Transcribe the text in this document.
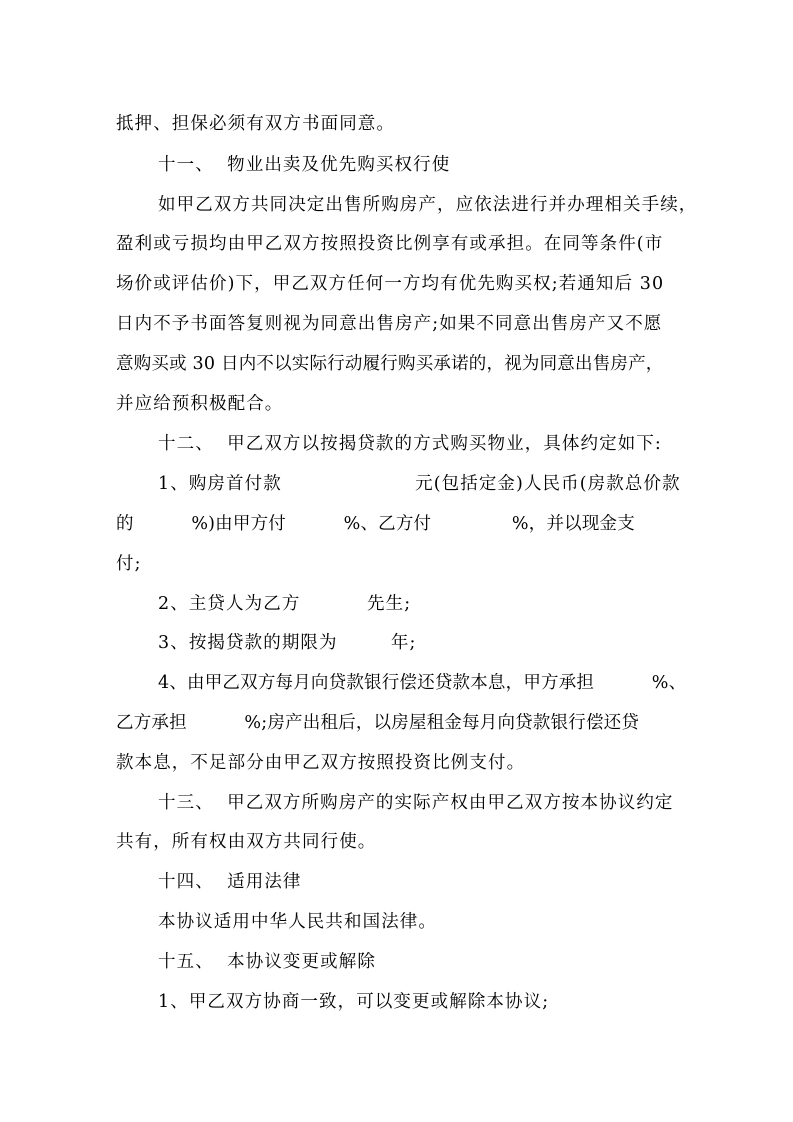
抵押、担保必须有双方书面同意。
十一、  物业出卖及优先购买权行使
如甲乙双方共同决定出售所购房产，应依法进行并办理相关手续，
盈利或亏损均由甲乙双方按照投资比例享有或承担。在同等条件(市
场价或评估价)下，甲乙双方任何一方均有优先购买权;若通知后 30
日内不予书面答复则视为同意出售房产;如果不同意出售房产又不愿
意购买或 30 日内不以实际行动履行购买承诺的，视为同意出售房产，
并应给预积极配合。
十二、  甲乙双方以按揭贷款的方式购买物业，具体约定如下:
1、购房首付款                    元(包括定金)人民币(房款总价款
的          %)由甲方付          %、乙方付              %，并以现金支
付;
2、主贷人为乙方          先生;
3、按揭贷款的期限为        年;
4、由甲乙双方每月向贷款银行偿还贷款本息，甲方承担          %、
乙方承担          %;房产出租后，以房屋租金每月向贷款银行偿还贷
款本息，不足部分由甲乙双方按照投资比例支付。
十三、  甲乙双方所购房产的实际产权由甲乙双方按本协议约定
共有，所有权由双方共同行使。
十四、  适用法律
本协议适用中华人民共和国法律。
十五、  本协议变更或解除
1、甲乙双方协商一致，可以变更或解除本协议;
